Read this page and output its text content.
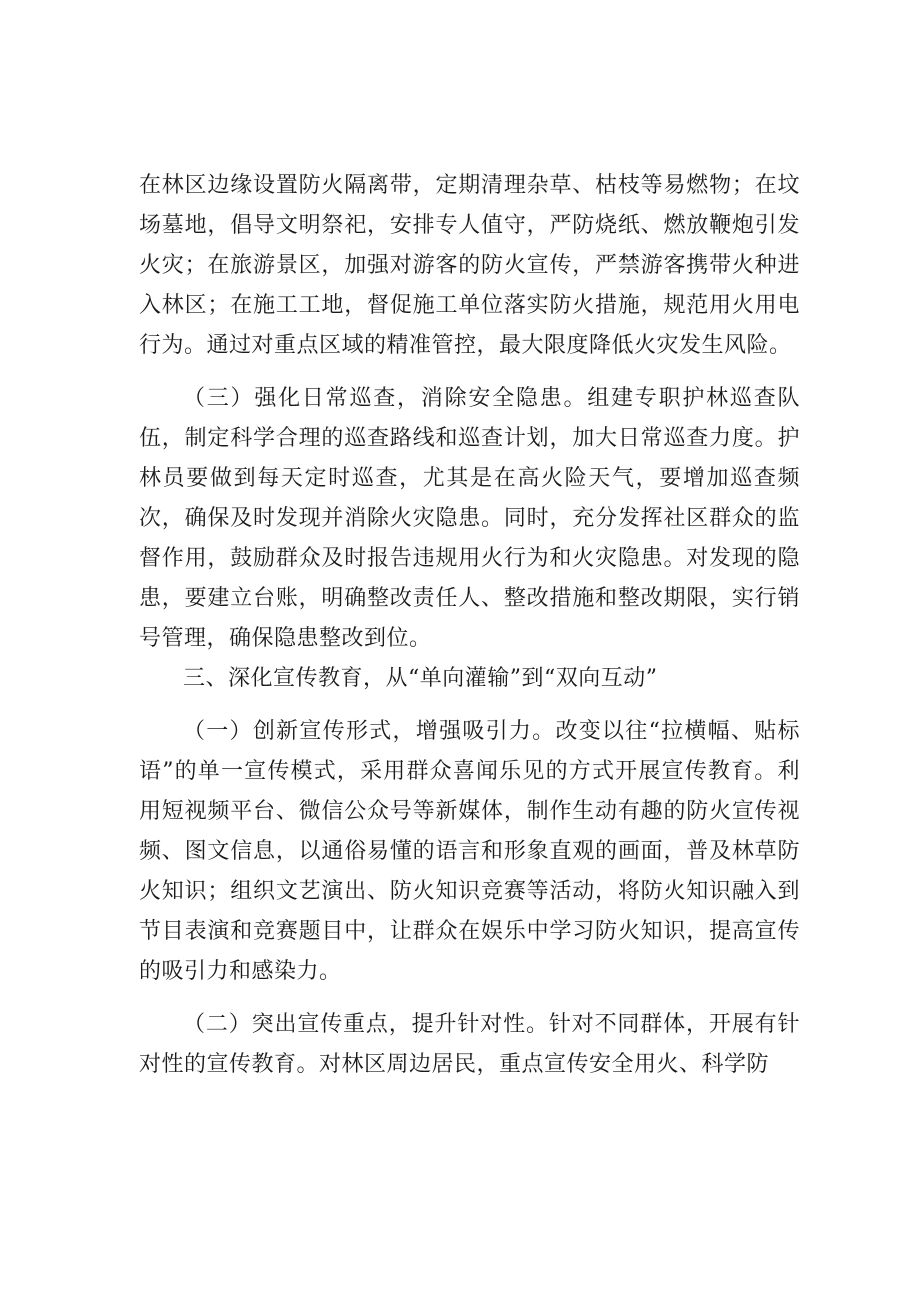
在林区边缘设置防火隔离带，定期清理杂草、枯枝等易燃物；在坟场墓地，倡导文明祭祀，安排专人值守，严防烧纸、燃放鞭炮引发火灾；在旅游景区，加强对游客的防火宣传，严禁游客携带火种进入林区；在施工工地，督促施工单位落实防火措施，规范用火用电行为。通过对重点区域的精准管控，最大限度降低火灾发生风险。

（三）强化日常巡查，消除安全隐患。组建专职护林巡查队伍，制定科学合理的巡查路线和巡查计划，加大日常巡查力度。护林员要做到每天定时巡查，尤其是在高火险天气，要增加巡查频次，确保及时发现并消除火灾隐患。同时，充分发挥社区群众的监督作用，鼓励群众及时报告违规用火行为和火灾隐患。对发现的隐患，要建立台账，明确整改责任人、整改措施和整改期限，实行销号管理，确保隐患整改到位。

三、深化宣传教育，从“单向灌输”到“双向互动”

（一）创新宣传形式，增强吸引力。改变以往“拉横幅、贴标语”的单一宣传模式，采用群众喜闻乐见的方式开展宣传教育。利用短视频平台、微信公众号等新媒体，制作生动有趣的防火宣传视频、图文信息，以通俗易懂的语言和形象直观的画面，普及林草防火知识；组织文艺演出、防火知识竞赛等活动，将防火知识融入到节目表演和竞赛题目中，让群众在娱乐中学习防火知识，提高宣传的吸引力和感染力。

（二）突出宣传重点，提升针对性。针对不同群体，开展有针对性的宣传教育。对林区周边居民，重点宣传安全用火、科学防
